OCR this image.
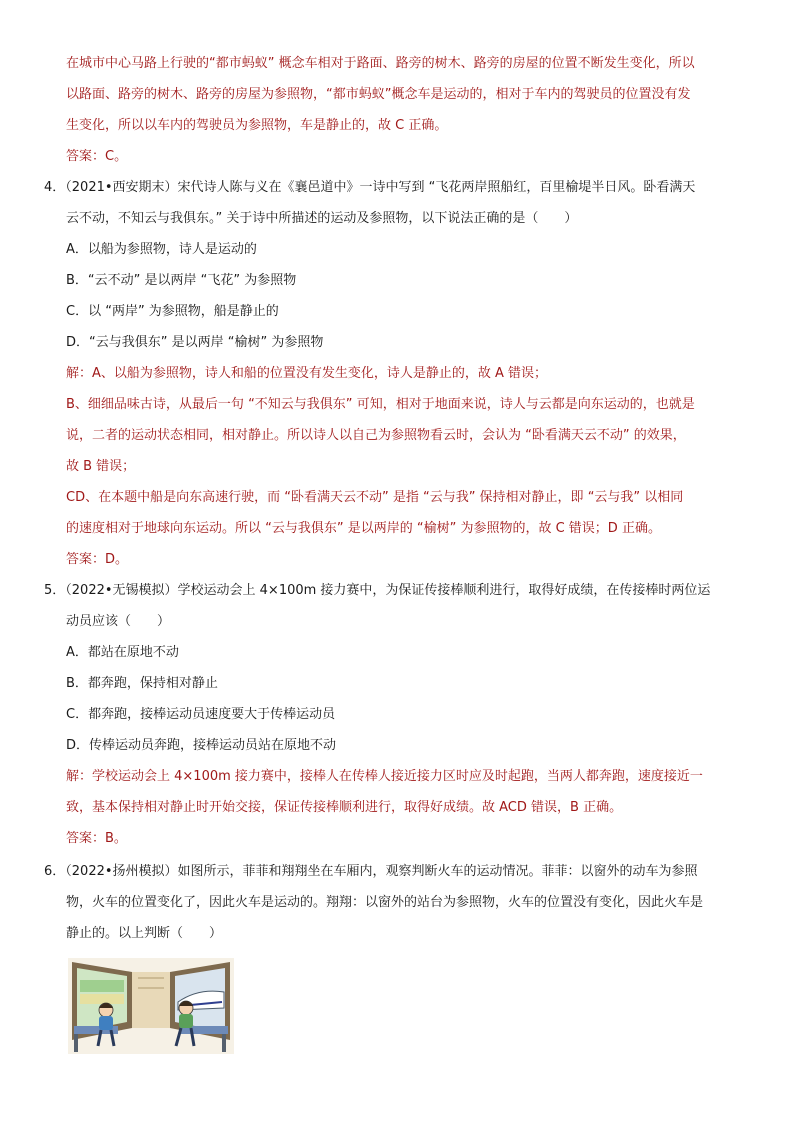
在城市中心马路上行驶的“都市蚂蚁” 概念车相对于路面、路旁的树木、路旁的房屋的位置不断发生变化，所以
以路面、路旁的树木、路旁的房屋为参照物，“都市蚂蚁”概念车是运动的，相对于车内的驾驶员的位置没有发
生变化，所以以车内的驾驶员为参照物，车是静止的，故 C 正确。
答案：C。
4．（2021•西安期末）宋代诗人陈与义在《襄邑道中》一诗中写到 “飞花两岸照船红，百里榆堤半日风。卧看满天
云不动，不知云与我俱东。” 关于诗中所描述的运动及参照物，以下说法正确的是（　　）
A．以船为参照物，诗人是运动的
B．“云不动” 是以两岸 “飞花” 为参照物
C．以 “两岸” 为参照物，船是静止的
D．“云与我俱东” 是以两岸 “榆树” 为参照物
解：A、以船为参照物，诗人和船的位置没有发生变化，诗人是静止的，故 A 错误；
B、细细品味古诗，从最后一句 “不知云与我俱东” 可知，相对于地面来说，诗人与云都是向东运动的，也就是
说，二者的运动状态相同，相对静止。所以诗人以自己为参照物看云时，会认为 “卧看满天云不动” 的效果，
故 B 错误；
CD、在本题中船是向东高速行驶，而 “卧看满天云不动” 是指 “云与我” 保持相对静止，即 “云与我” 以相同
的速度相对于地球向东运动。所以 “云与我俱东” 是以两岸的 “榆树” 为参照物的，故 C 错误；D 正确。
答案：D。
5．（2022•无锡模拟）学校运动会上 4×100m 接力赛中，为保证传接棒顺利进行，取得好成绩，在传接棒时两位运
动员应该（　　）
A．都站在原地不动
B．都奔跑，保持相对静止
C．都奔跑，接棒运动员速度要大于传棒运动员
D．传棒运动员奔跑，接棒运动员站在原地不动
解：学校运动会上 4×100m 接力赛中，接棒人在传棒人接近接力区时应及时起跑，当两人都奔跑，速度接近一
致，基本保持相对静止时开始交接，保证传接棒顺利进行，取得好成绩。故 ACD 错误，B 正确。
答案：B。
6．（2022•扬州模拟）如图所示，菲菲和翔翔坐在车厢内，观察判断火车的运动情况。菲菲：以窗外的动车为参照
物，火车的位置变化了，因此火车是运动的。翔翔：以窗外的站台为参照物，火车的位置没有变化，因此火车是
静止的。以上判断（　　）
